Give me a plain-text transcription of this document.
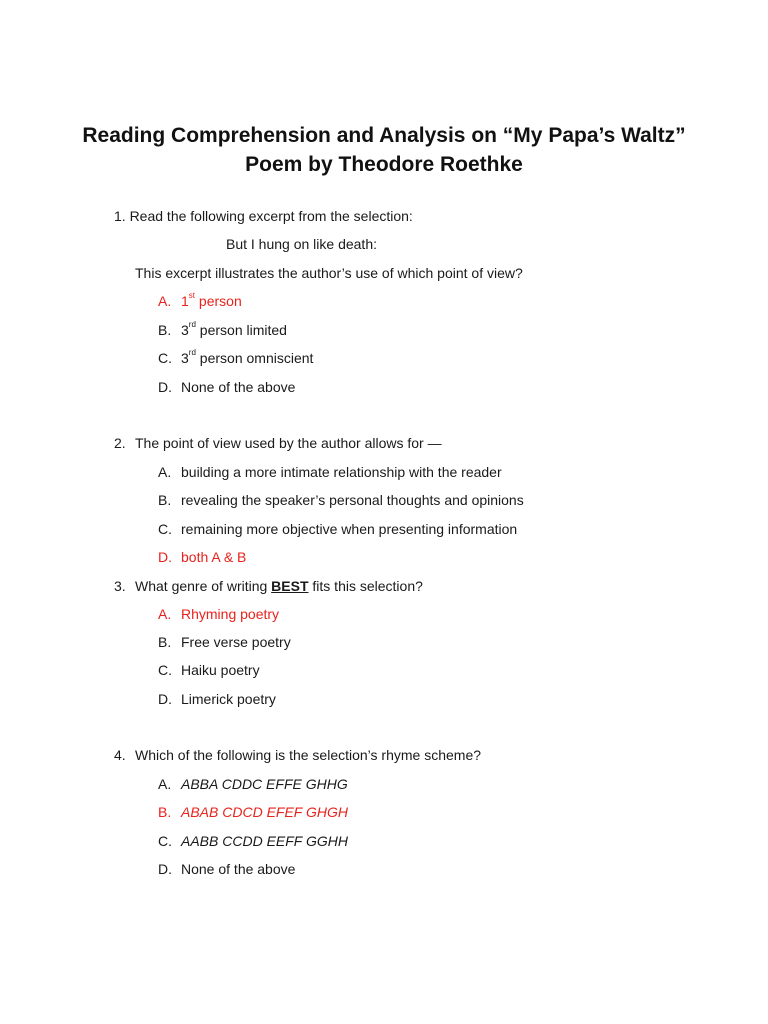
Reading Comprehension and Analysis on “My Papa’s Waltz”
Poem by Theodore Roethke
1. Read the following excerpt from the selection:
But I hung on like death:
This excerpt illustrates the author’s use of which point of view?
A. 1st person
B. 3rd person limited
C. 3rd person omniscient
D. None of the above
2. The point of view used by the author allows for —
A. building a more intimate relationship with the reader
B. revealing the speaker’s personal thoughts and opinions
C. remaining more objective when presenting information
D. both A & B
3. What genre of writing BEST fits this selection?
A. Rhyming poetry
B. Free verse poetry
C. Haiku poetry
D. Limerick poetry
4. Which of the following is the selection’s rhyme scheme?
A. ABBA CDDC EFFE GHHG
B. ABAB CDCD EFEF GHGH
C. AABB CCDD EEFF GGHH
D. None of the above
